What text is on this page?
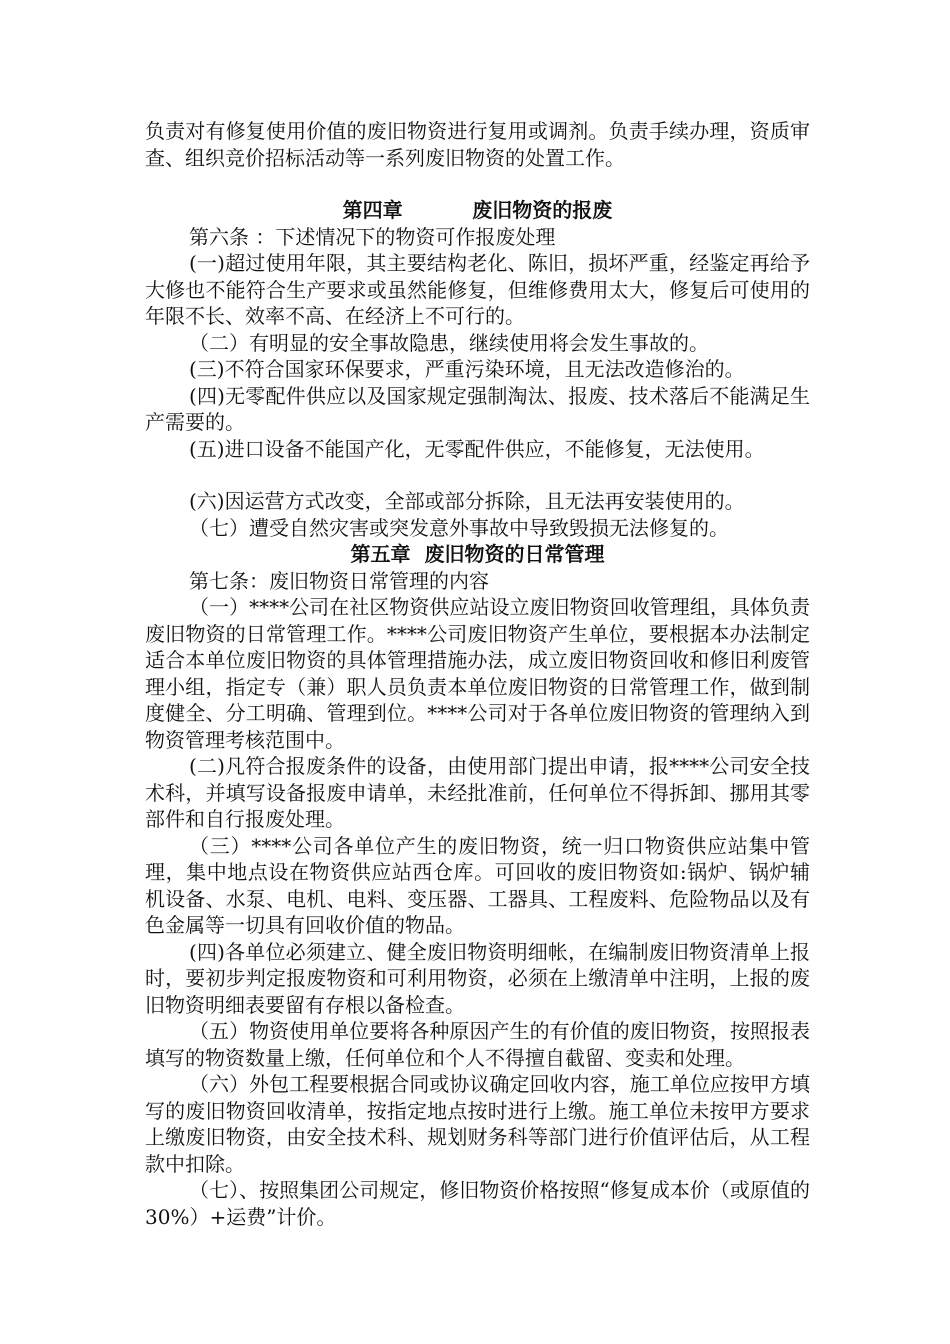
负责对有修复使用价值的废旧物资进行复用或调剂。负责手续办理，资质审查、组织竞价招标活动等一系列废旧物资的处置工作。

第四章          废旧物资的报废

第六条 ：下述情况下的物资可作报废处理

(一)超过使用年限，其主要结构老化、陈旧，损坏严重，经鉴定再给予大修也不能符合生产要求或虽然能修复，但维修费用太大，修复后可使用的年限不长、效率不高、在经济上不可行的。

（二）有明显的安全事故隐患，继续使用将会发生事故的。

(三)不符合国家环保要求，严重污染环境，且无法改造修治的。

(四)无零配件供应以及国家规定强制淘汰、报废、技术落后不能满足生产需要的。

(五)进口设备不能国产化，无零配件供应，不能修复，无法使用。

(六)因运营方式改变，全部或部分拆除，且无法再安装使用的。

（七）遭受自然灾害或突发意外事故中导致毁损无法修复的。

第五章  废旧物资的日常管理

第七条：废旧物资日常管理的内容

（一）****公司在社区物资供应站设立废旧物资回收管理组，具体负责废旧物资的日常管理工作。****公司废旧物资产生单位，要根据本办法制定适合本单位废旧物资的具体管理措施办法，成立废旧物资回收和修旧利废管理小组，指定专（兼）职人员负责本单位废旧物资的日常管理工作，做到制度健全、分工明确、管理到位。****公司对于各单位废旧物资的管理纳入到物资管理考核范围中。

(二)凡符合报废条件的设备，由使用部门提出申请，报****公司安全技术科，并填写设备报废申请单，未经批准前，任何单位不得拆卸、挪用其零部件和自行报废处理。

（三）****公司各单位产生的废旧物资，统一归口物资供应站集中管理，集中地点设在物资供应站西仓库。可回收的废旧物资如:锅炉、锅炉辅机设备、水泵、电机、电料、变压器、工器具、工程废料、危险物品以及有色金属等一切具有回收价值的物品。

(四)各单位必须建立、健全废旧物资明细帐，在编制废旧物资清单上报时，要初步判定报废物资和可利用物资，必须在上缴清单中注明，上报的废旧物资明细表要留有存根以备检查。

（五）物资使用单位要将各种原因产生的有价值的废旧物资，按照报表填写的物资数量上缴，任何单位和个人不得擅自截留、变卖和处理。

（六）外包工程要根据合同或协议确定回收内容，施工单位应按甲方填写的废旧物资回收清单，按指定地点按时进行上缴。施工单位未按甲方要求上缴废旧物资，由安全技术科、规划财务科等部门进行价值评估后，从工程款中扣除。

（七）、按照集团公司规定，修旧物资价格按照“修复成本价（或原值的 30%）+运费”计价。
